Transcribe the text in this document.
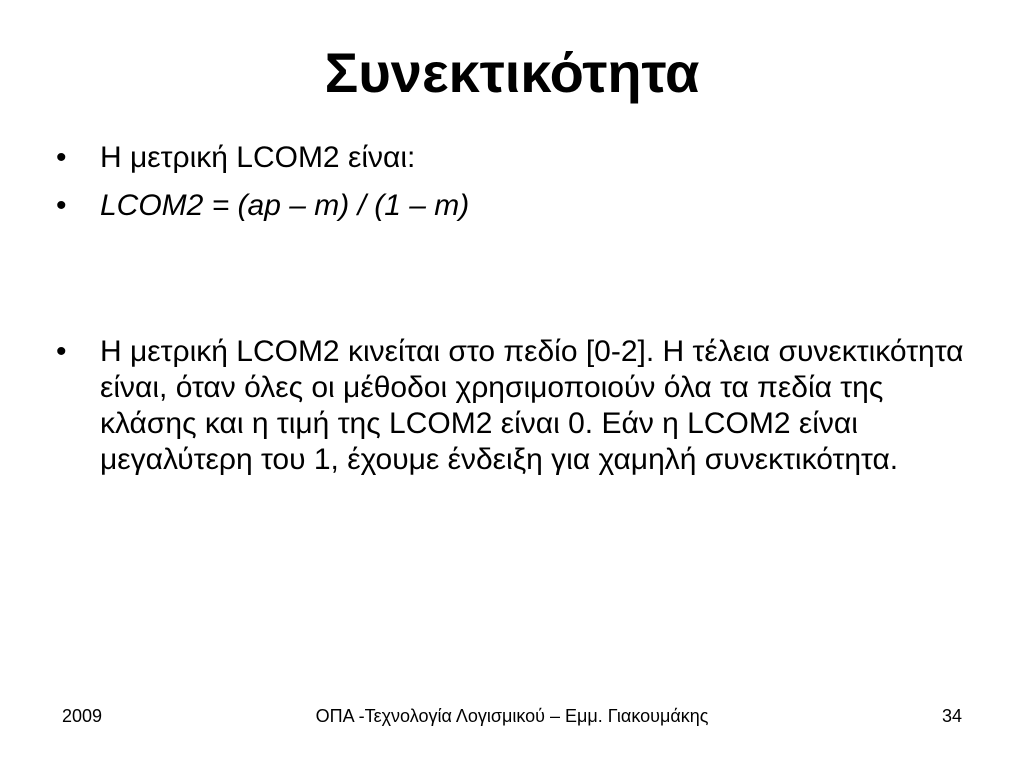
Συνεκτικότητα
•	Η μετρική LCOM2 είναι:
•	LCOM2 = (ap – m) / (1 – m)
•	Η μετρική LCOM2 κινείται στο πεδίο [0-2]. Η τέλεια συνεκτικότητα είναι, όταν όλες οι μέθοδοι χρησιμοποιούν όλα τα πεδία της κλάσης και η τιμή της LCOM2 είναι 0. Εάν η LCOM2 είναι μεγαλύτερη του 1, έχουμε ένδειξη για χαμηλή συνεκτικότητα.
2009	ΟΠΑ -Τεχνολογία Λογισμικού – Εμμ. Γιακουμάκης	34
